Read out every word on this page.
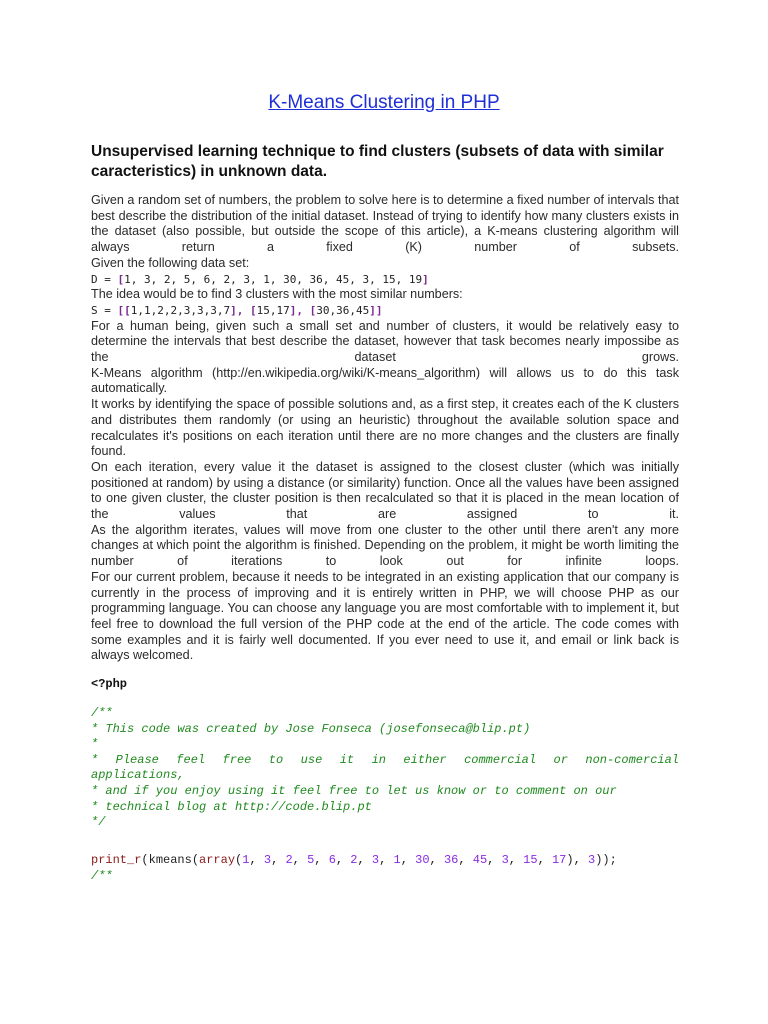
K-Means Clustering in PHP
Unsupervised learning technique to find clusters (subsets of data with similar caracteristics) in unknown data.
Given a random set of numbers, the problem to solve here is to determine a fixed number of intervals that best describe the distribution of the initial dataset. Instead of trying to identify how many clusters exists in the dataset (also possible, but outside the scope of this article), a K-means clustering algorithm will always return a fixed (K) number of subsets.
Given the following data set:
D = [1, 3, 2, 5, 6, 2, 3, 1, 30, 36, 45, 3, 15, 19]
The idea would be to find 3 clusters with the most similar numbers:
S = [[1,1,2,2,3,3,3,7], [15,17], [30,36,45]]
For a human being, given such a small set and number of clusters, it would be relatively easy to determine the intervals that best describe the dataset, however that task becomes nearly impossibe as the dataset grows.
K-Means algorithm (http://en.wikipedia.org/wiki/K-means_algorithm) will allows us to do this task automatically.
It works by identifying the space of possible solutions and, as a first step, it creates each of the K clusters and distributes them randomly (or using an heuristic) throughout the available solution space and recalculates it's positions on each iteration until there are no more changes and the clusters are finally found.
On each iteration, every value it the dataset is assigned to the closest cluster (which was initially positioned at random) by using a distance (or similarity) function. Once all the values have been assigned to one given cluster, the cluster position is then recalculated so that it is placed in the mean location of the values that are assigned to it.
As the algorithm iterates, values will move from one cluster to the other until there aren't any more changes at which point the algorithm is finished. Depending on the problem, it might be worth limiting the number of iterations to look out for infinite loops.
For our current problem, because it needs to be integrated in an existing application that our company is currently in the process of improving and it is entirely written in PHP, we will choose PHP as our programming language. You can choose any language you are most comfortable with to implement it, but feel free to download the full version of the PHP code at the end of the article. The code comes with some examples and it is fairly well documented. If you ever need to use it, and email or link back is always welcomed.
<?php
/**
* This code was created by Jose Fonseca (josefonseca@blip.pt)
*
* Please feel free to use it in either commercial or non-comercial
applications,
* and if you enjoy using it feel free to let us know or to comment on our
* technical blog at http://code.blip.pt
*/
print_r(kmeans(array(1, 3, 2, 5, 6, 2, 3, 1, 30, 36, 45, 3, 15, 17), 3));
/**
